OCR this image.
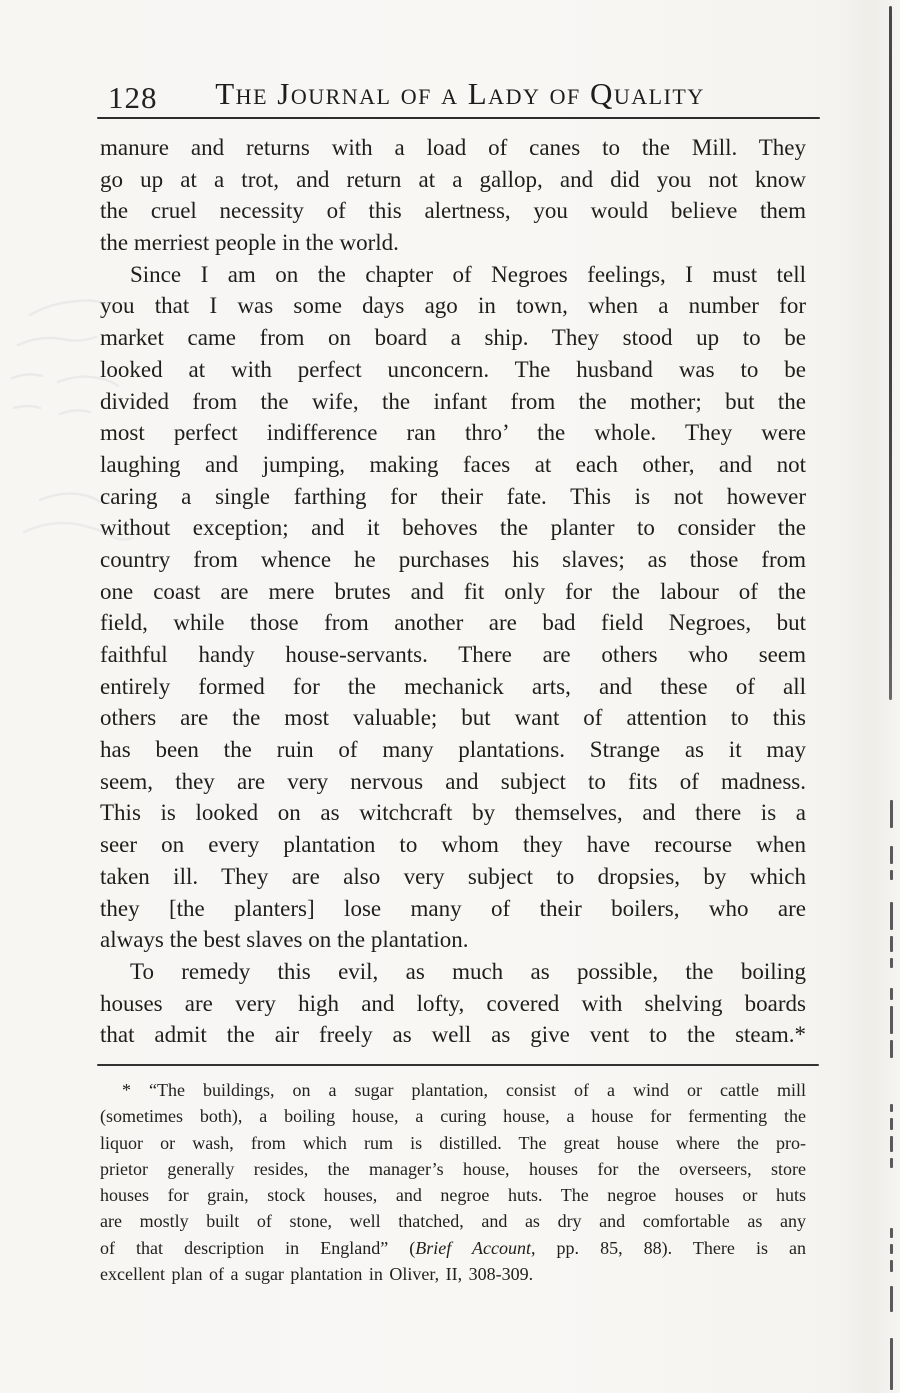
128	The Journal of a Lady of Quality
manure and returns with a load of canes to the Mill. They
go up at a trot, and return at a gallop, and did you not know
the cruel necessity of this alertness, you would believe them
the merriest people in the world.
Since I am on the chapter of Negroes feelings, I must tell
you that I was some days ago in town, when a number for
market came from on board a ship. They stood up to be
looked at with perfect unconcern. The husband was to be
divided from the wife, the infant from the mother; but the
most perfect indifference ran thro’ the whole. They were
laughing and jumping, making faces at each other, and not
caring a single farthing for their fate. This is not however
without exception; and it behoves the planter to consider the
country from whence he purchases his slaves; as those from
one coast are mere brutes and fit only for the labour of the
field, while those from another are bad field Negroes, but
faithful handy house-servants. There are others who seem
entirely formed for the mechanick arts, and these of all
others are the most valuable; but want of attention to this
has been the ruin of many plantations. Strange as it may
seem, they are very nervous and subject to fits of madness.
This is looked on as witchcraft by themselves, and there is a
seer on every plantation to whom they have recourse when
taken ill. They are also very subject to dropsies, by which
they [the planters] lose many of their boilers, who are
always the best slaves on the plantation.
To remedy this evil, as much as possible, the boiling
houses are very high and lofty, covered with shelving boards
that admit the air freely as well as give vent to the steam.*
* “The buildings, on a sugar plantation, consist of a wind or cattle mill
(sometimes both), a boiling house, a curing house, a house for fermenting the
liquor or wash, from which rum is distilled. The great house where the pro-
prietor generally resides, the manager’s house, houses for the overseers, store
houses for grain, stock houses, and negroe huts. The negroe houses or huts
are mostly built of stone, well thatched, and as dry and comfortable as any
of that description in England” (Brief Account, pp. 85, 88). There is an
excellent plan of a sugar plantation in Oliver, II, 308-309.
